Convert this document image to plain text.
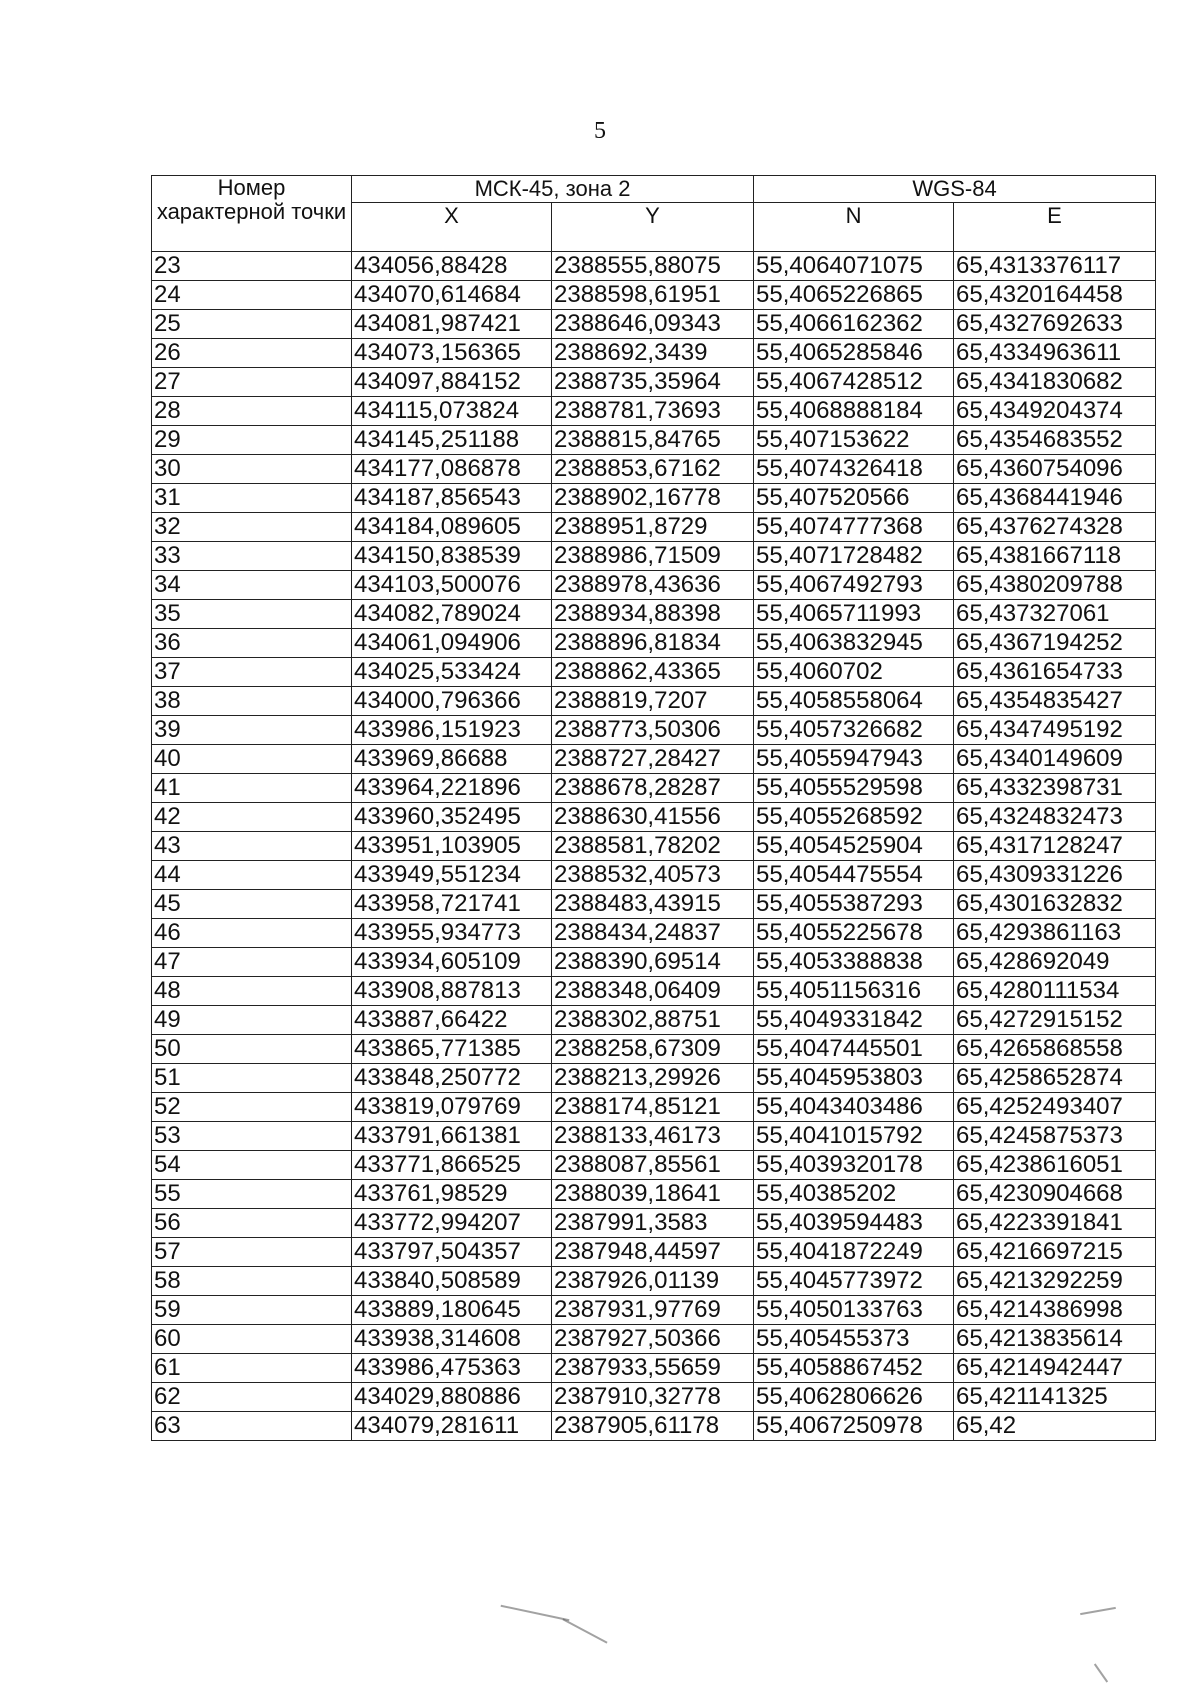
5
Номер характерной точки	МСК-45, зона 2		WGS-84	
	X	Y	N	E
23	434056,88428	2388555,88075	55,4064071075	65,4313376117
24	434070,614684	2388598,61951	55,4065226865	65,4320164458
25	434081,987421	2388646,09343	55,4066162362	65,4327692633
26	434073,156365	2388692,3439	55,4065285846	65,4334963611
27	434097,884152	2388735,35964	55,4067428512	65,4341830682
28	434115,073824	2388781,73693	55,4068888184	65,4349204374
29	434145,251188	2388815,84765	55,407153622	65,4354683552
30	434177,086878	2388853,67162	55,4074326418	65,4360754096
31	434187,856543	2388902,16778	55,407520566	65,4368441946
32	434184,089605	2388951,8729	55,4074777368	65,4376274328
33	434150,838539	2388986,71509	55,4071728482	65,4381667118
34	434103,500076	2388978,43636	55,4067492793	65,4380209788
35	434082,789024	2388934,88398	55,4065711993	65,437327061
36	434061,094906	2388896,81834	55,4063832945	65,4367194252
37	434025,533424	2388862,43365	55,4060702	65,4361654733
38	434000,796366	2388819,7207	55,4058558064	65,4354835427
39	433986,151923	2388773,50306	55,4057326682	65,4347495192
40	433969,86688	2388727,28427	55,4055947943	65,4340149609
41	433964,221896	2388678,28287	55,4055529598	65,4332398731
42	433960,352495	2388630,41556	55,4055268592	65,4324832473
43	433951,103905	2388581,78202	55,4054525904	65,4317128247
44	433949,551234	2388532,40573	55,4054475554	65,4309331226
45	433958,721741	2388483,43915	55,4055387293	65,4301632832
46	433955,934773	2388434,24837	55,4055225678	65,4293861163
47	433934,605109	2388390,69514	55,4053388838	65,428692049
48	433908,887813	2388348,06409	55,4051156316	65,4280111534
49	433887,66422	2388302,88751	55,4049331842	65,4272915152
50	433865,771385	2388258,67309	55,4047445501	65,4265868558
51	433848,250772	2388213,29926	55,4045953803	65,4258652874
52	433819,079769	2388174,85121	55,4043403486	65,4252493407
53	433791,661381	2388133,46173	55,4041015792	65,4245875373
54	433771,866525	2388087,85561	55,4039320178	65,4238616051
55	433761,98529	2388039,18641	55,40385202	65,4230904668
56	433772,994207	2387991,3583	55,4039594483	65,4223391841
57	433797,504357	2387948,44597	55,4041872249	65,4216697215
58	433840,508589	2387926,01139	55,4045773972	65,4213292259
59	433889,180645	2387931,97769	55,4050133763	65,4214386998
60	433938,314608	2387927,50366	55,405455373	65,4213835614
61	433986,475363	2387933,55659	55,4058867452	65,4214942447
62	434029,880886	2387910,32778	55,4062806626	65,421141325
63	434079,281611	2387905,61178	55,4067250978	65,42
